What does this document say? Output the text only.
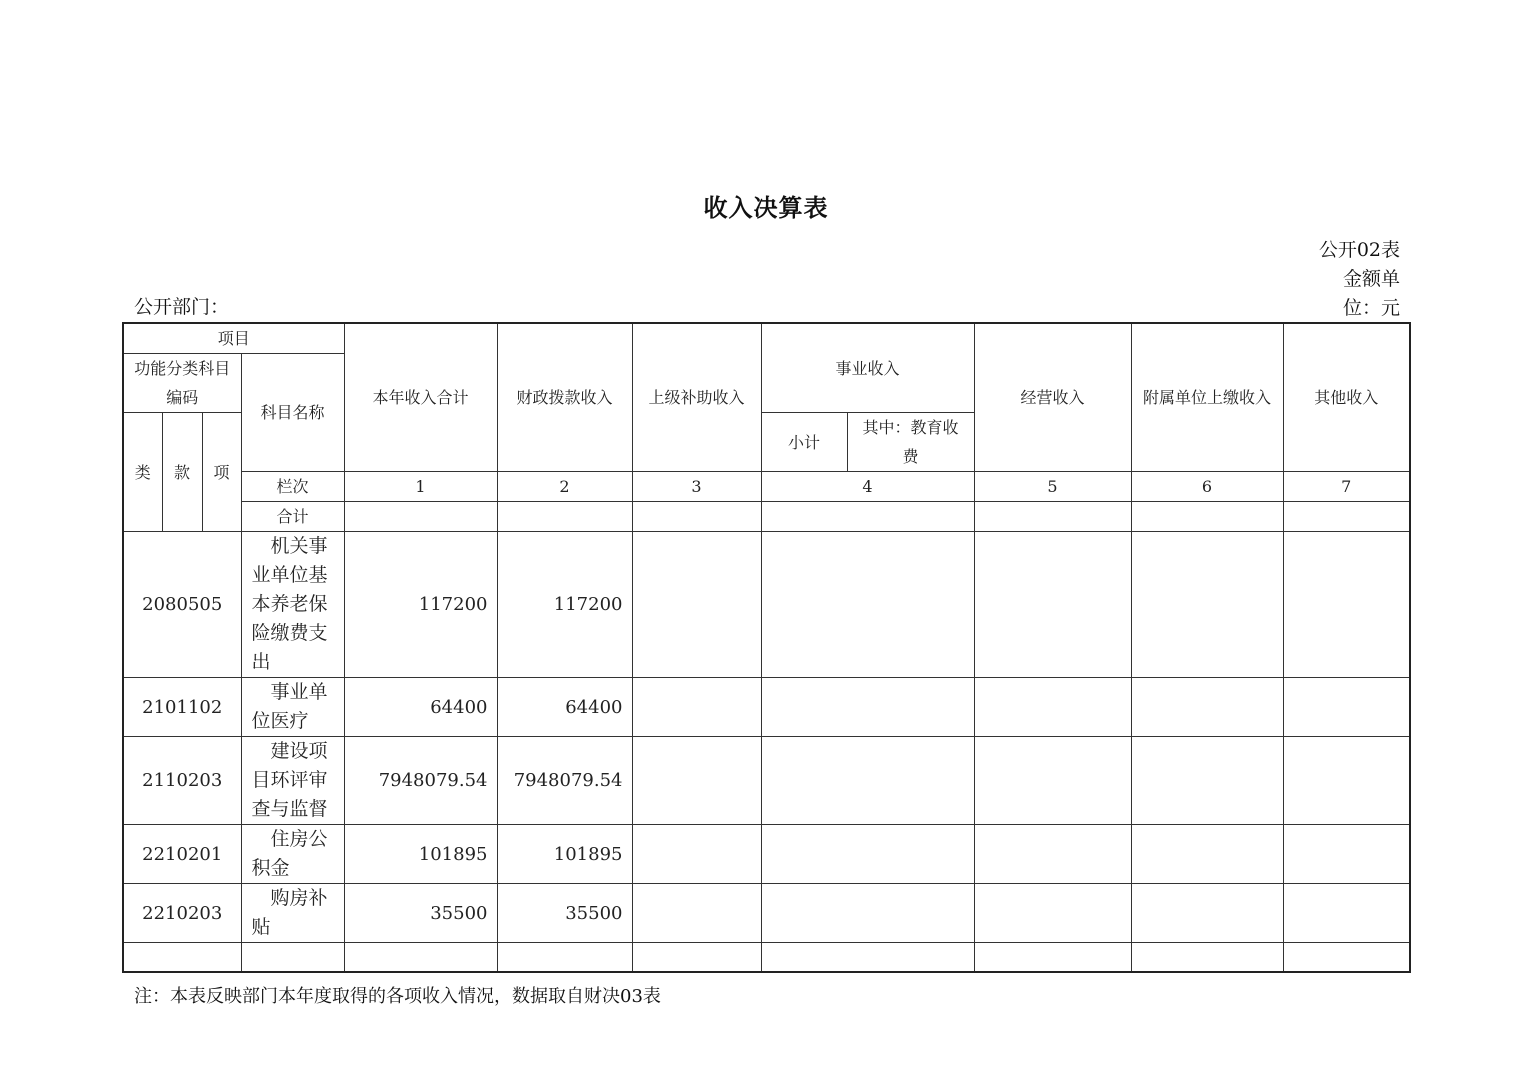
收入决算表
公开02表
金额单
位：元
公开部门：
项目				本年收入合计	财政拨款收入	上级补助收入	事业收入		经营收入	附属单位上缴收入	其他收入

功能分类科目
编码			科目名称								

类	款	项					小计	其中：教育收
费			

			栏次	1	2	3	4		5	6	7
			合计								
2080505			机关事业单位基本养老保险缴费支出	117200	117200						
2101102			事业单位医疗	64400	64400						
2110203			建设项目环评审查与监督	7948079.54	7948079.54						
2210201			住房公积金	101895	101895						
2210203			购房补贴	35500	35500						

注：本表反映部门本年度取得的各项收入情况，数据取自财决03表
